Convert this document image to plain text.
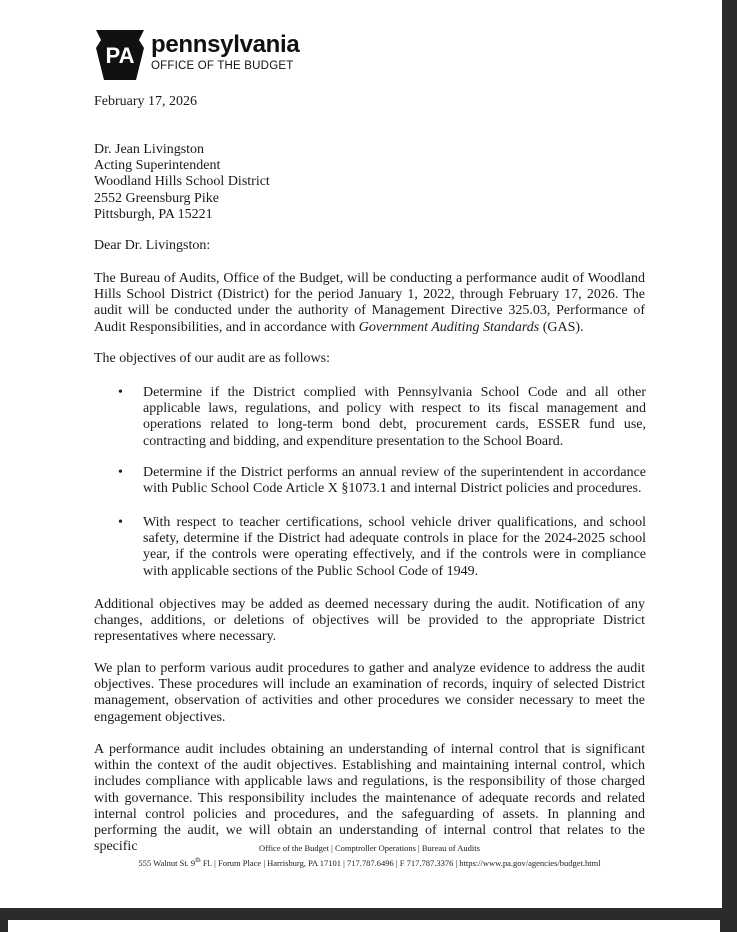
PA pennsylvania
OFFICE OF THE BUDGET
February 17, 2026
Dr. Jean Livingston
Acting Superintendent
Woodland Hills School District
2552 Greensburg Pike
Pittsburgh, PA 15221
Dear Dr. Livingston:
The Bureau of Audits, Office of the Budget, will be conducting a performance audit of Woodland Hills School District (District) for the period January 1, 2022, through February 17, 2026. The audit will be conducted under the authority of Management Directive 325.03, Performance of Audit Responsibilities, and in accordance with Government Auditing Standards (GAS).
The objectives of our audit are as follows:
• Determine if the District complied with Pennsylvania School Code and all other applicable laws, regulations, and policy with respect to its fiscal management and operations related to long-term bond debt, procurement cards, ESSER fund use, contracting and bidding, and expenditure presentation to the School Board.
• Determine if the District performs an annual review of the superintendent in accordance with Public School Code Article X §1073.1 and internal District policies and procedures.
• With respect to teacher certifications, school vehicle driver qualifications, and school safety, determine if the District had adequate controls in place for the 2024-2025 school year, if the controls were operating effectively, and if the controls were in compliance with applicable sections of the Public School Code of 1949.
Additional objectives may be added as deemed necessary during the audit. Notification of any changes, additions, or deletions of objectives will be provided to the appropriate District representatives where necessary.
We plan to perform various audit procedures to gather and analyze evidence to address the audit objectives. These procedures will include an examination of records, inquiry of selected District management, observation of activities and other procedures we consider necessary to meet the engagement objectives.
A performance audit includes obtaining an understanding of internal control that is significant within the context of the audit objectives. Establishing and maintaining internal control, which includes compliance with applicable laws and regulations, is the responsibility of those charged with governance. This responsibility includes the maintenance of adequate records and related internal control policies and procedures, and the safeguarding of assets. In planning and performing the audit, we will obtain an understanding of internal control that relates to the specific	Office of the Budget | Comptroller Operations | Bureau of Audits
555 Walnut St. 9th Fl. | Forum Place | Harrisburg, PA 17101 | 717.787.6496 | F 717.787.3376 | https://www.pa.gov/agencies/budget.html
